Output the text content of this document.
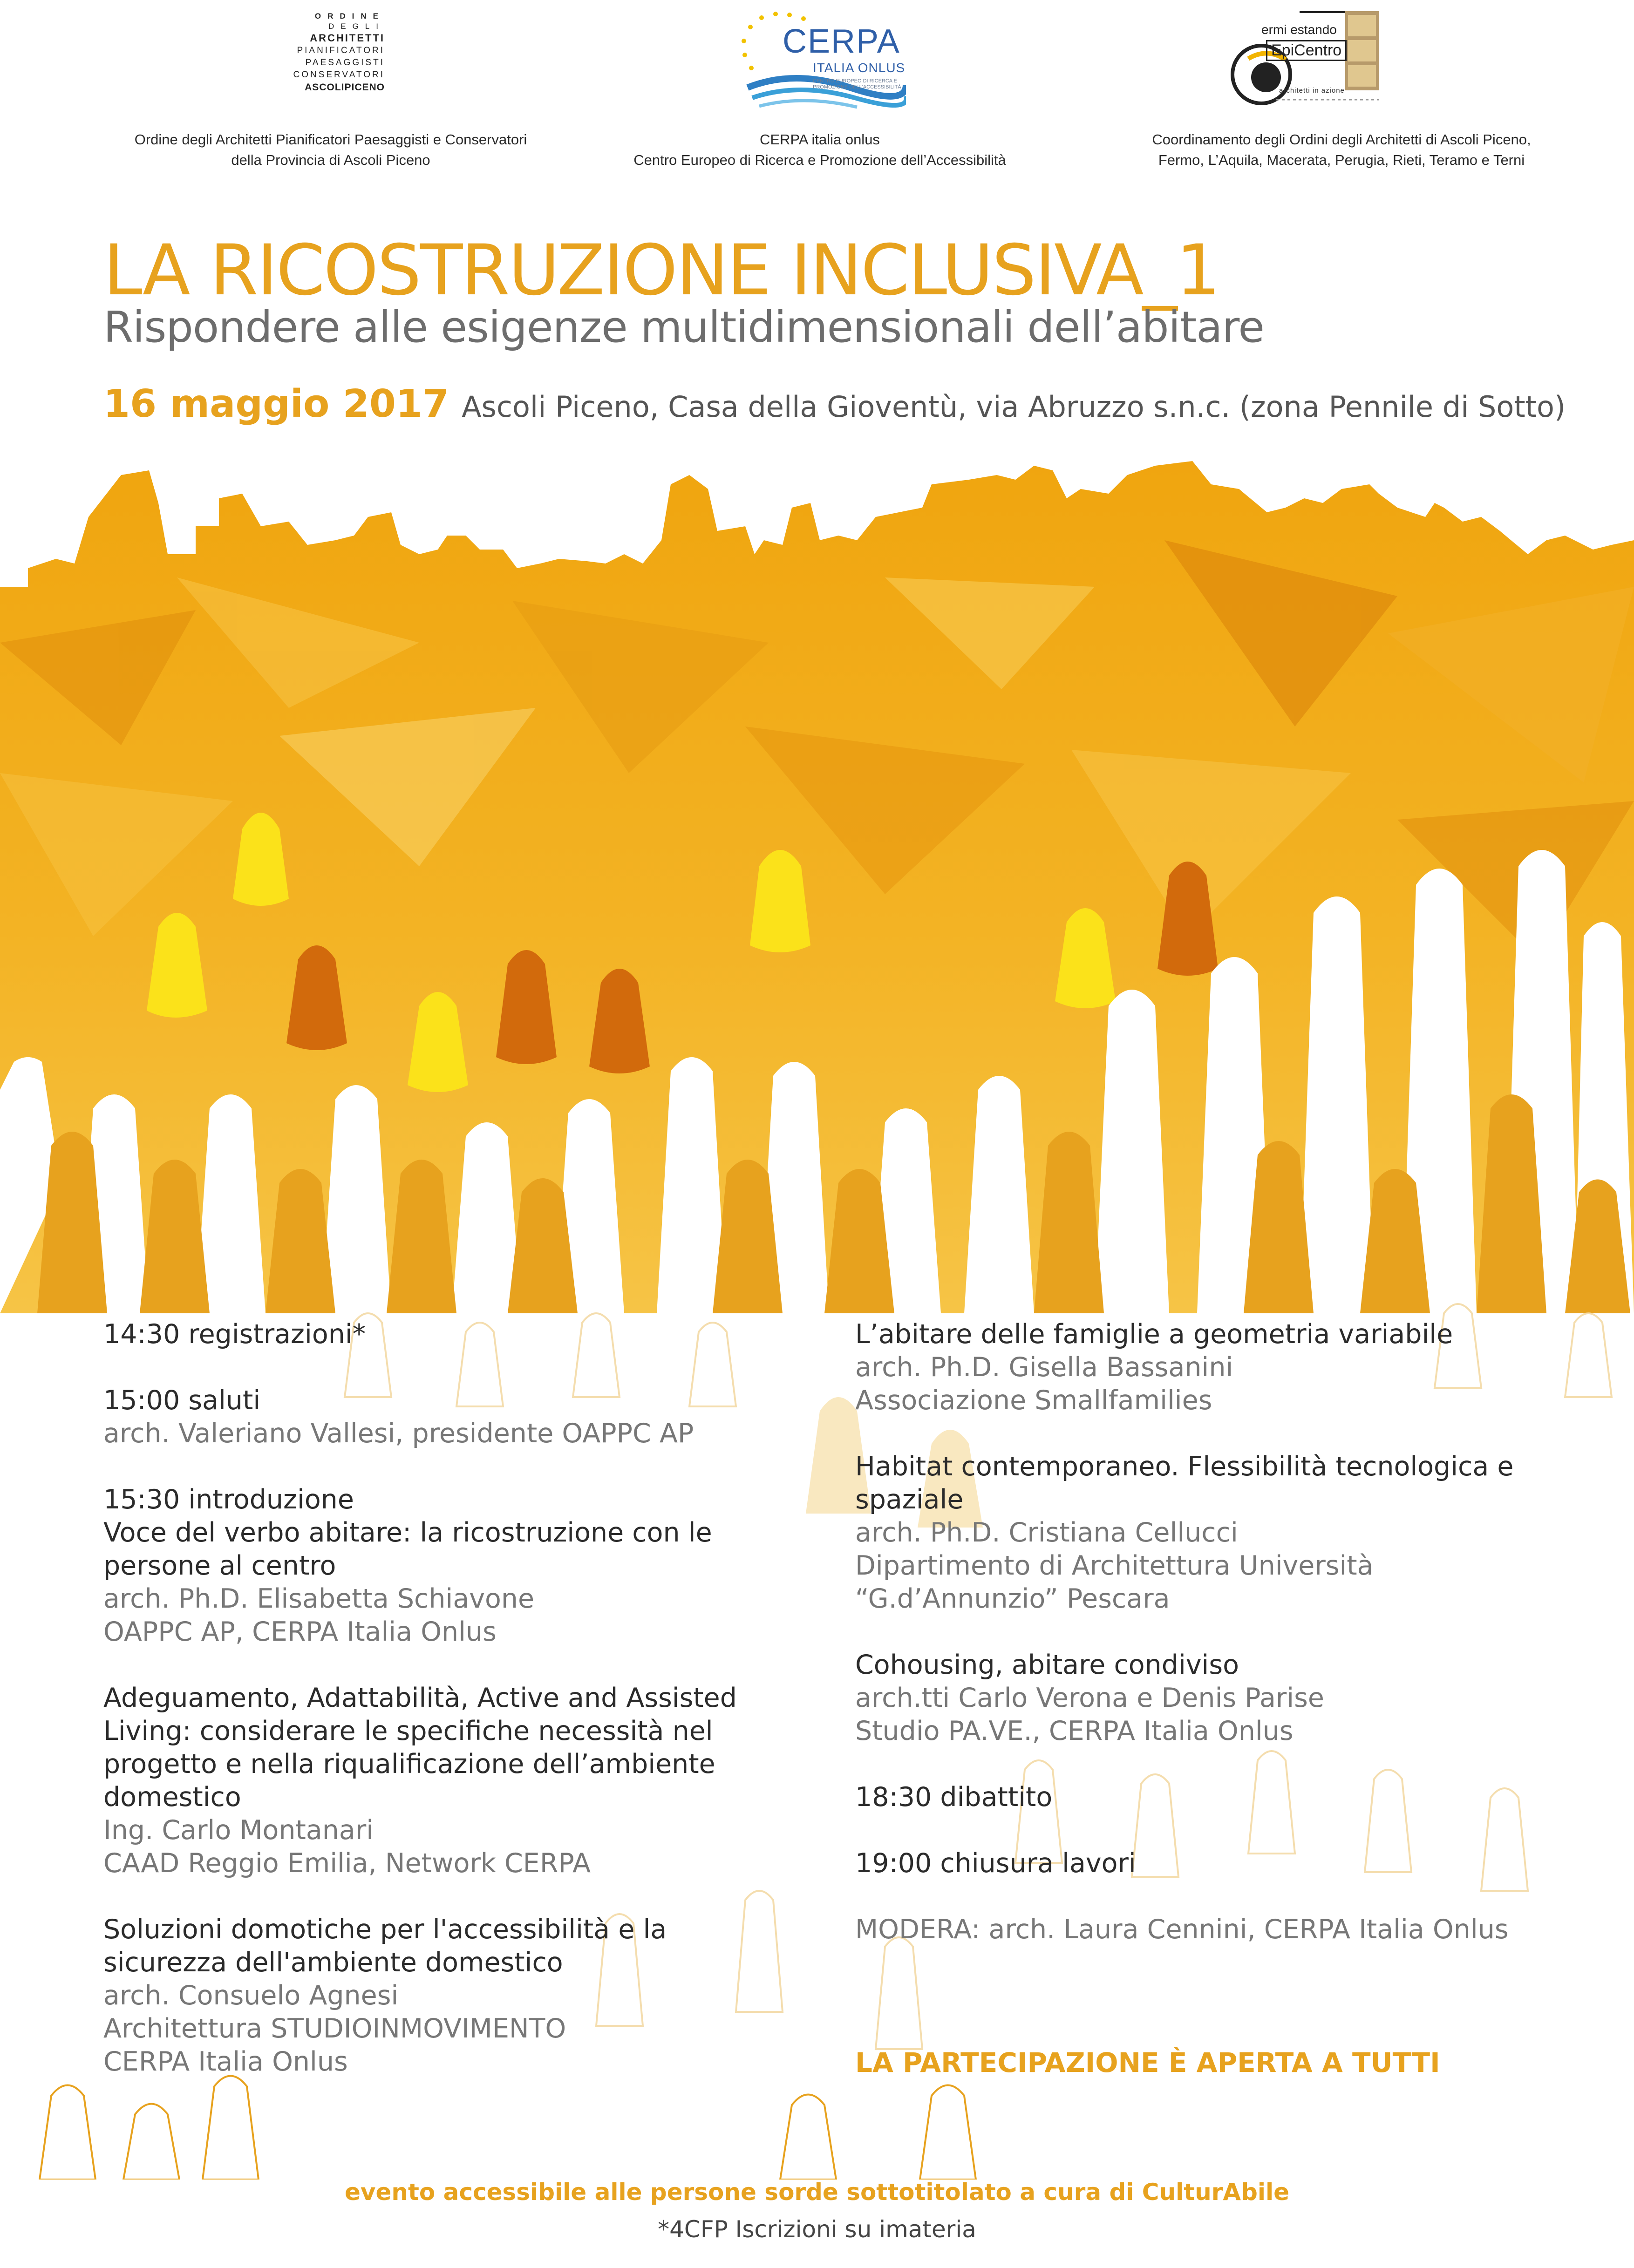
ORDINE
DEGLI
ARCHITETTI
PIANIFICATORI
PAESAGGISTI
CONSERVATORI
ASCOLIPICENO
Ordine degli Architetti Pianificatori Paesaggisti e Conservatori
della Provincia di Ascoli Piceno
CERPA
ITALIA ONLUS
CENTRO EUROPEO DI RICERCA E PROMOZIONE DELL'ACCESSIBILITÀ
CERPA italia onlus
Centro Europeo di Ricerca e Promozione dell’Accessibilità
ermi estando
EpiCentro
architetti in azione
Coordinamento degli Ordini degli Architetti di Ascoli Piceno,
Fermo, L’Aquila, Macerata, Perugia, Rieti, Teramo e Terni
LA RICOSTRUZIONE INCLUSIVA_1
Rispondere alle esigenze multidimensionali dell’abitare
16 maggio 2017 Ascoli Piceno, Casa della Gioventù, via Abruzzo s.n.c. (zona Pennile di Sotto)
14:30 registrazioni*
15:00 saluti
arch. Valeriano Vallesi, presidente OAPPC AP
15:30 introduzione
Voce del verbo abitare: la ricostruzione con le
persone al centro
arch. Ph.D. Elisabetta Schiavone
OAPPC AP, CERPA Italia Onlus
Adeguamento, Adattabilità, Active and Assisted
Living: considerare le specifiche necessità nel
progetto e nella riqualificazione dell’ambiente
domestico
Ing. Carlo Montanari
CAAD Reggio Emilia, Network CERPA
Soluzioni domotiche per l'accessibilità e la
sicurezza dell'ambiente domestico
arch. Consuelo Agnesi
Architettura STUDIOINMOVIMENTO
CERPA Italia Onlus
L’abitare delle famiglie a geometria variabile
arch. Ph.D. Gisella Bassanini
Associazione Smallfamilies
Habitat contemporaneo. Flessibilità tecnologica e
spaziale
arch. Ph.D. Cristiana Cellucci
Dipartimento di Architettura Università
“G.d’Annunzio” Pescara
Cohousing, abitare condiviso
arch.tti Carlo Verona e Denis Parise
Studio PA.VE., CERPA Italia Onlus
18:30 dibattito
19:00 chiusura lavori
MODERA: arch. Laura Cennini, CERPA Italia Onlus
LA PARTECIPAZIONE È APERTA A TUTTI
evento accessibile alle persone sorde sottotitolato a cura di CulturAbile
*4CFP Iscrizioni su imateria
